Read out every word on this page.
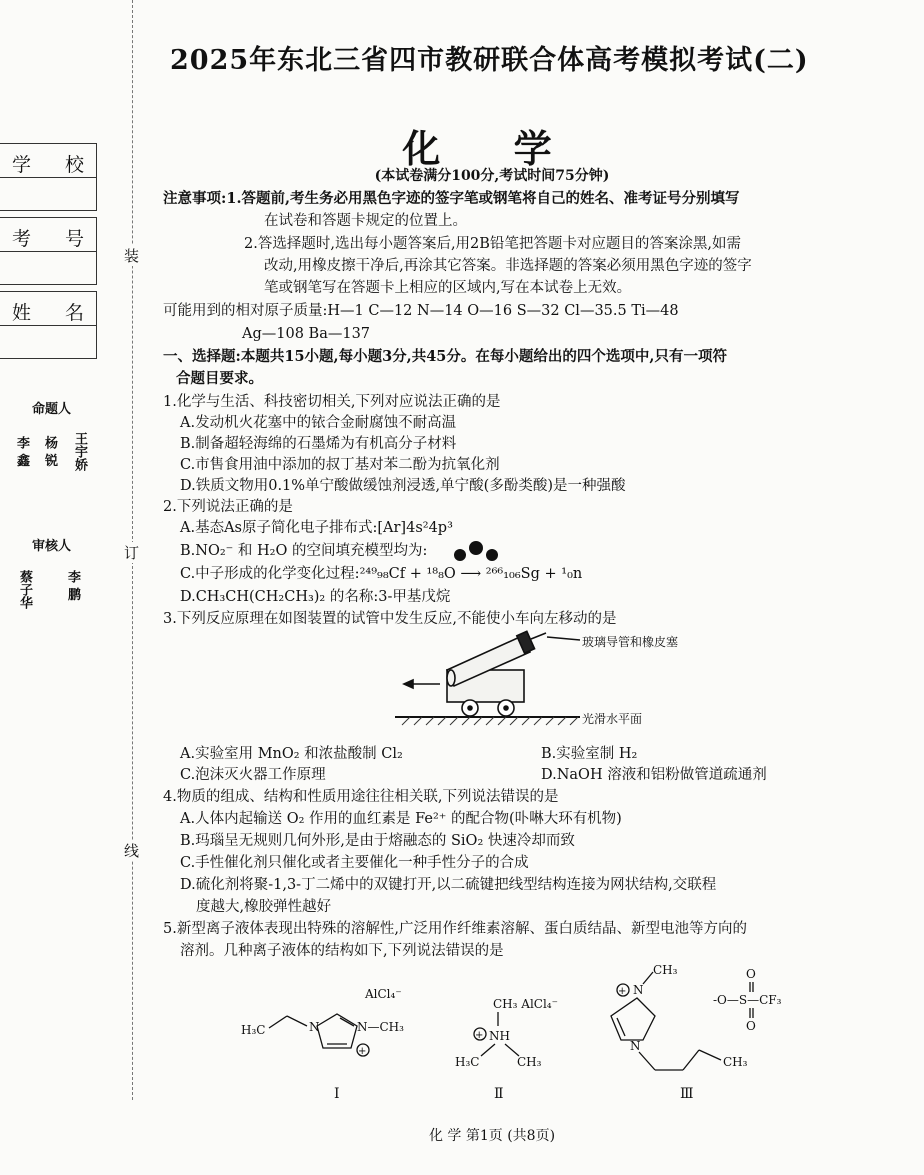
装
订
线
学 校
考 号
姓 名
命题人
李 鑫 杨 锐 王宇娇
审核人
蔡子华	李 鹏
2025年东北三省四市教研联合体高考模拟考试(二)
化 学
(本试卷满分100分,考试时间75分钟)
注意事项:1.答题前,考生务必用黑色字迹的签字笔或钢笔将自己的姓名、准考证号分别填写
在试卷和答题卡规定的位置上。
2.答选择题时,选出每小题答案后,用2B铅笔把答题卡对应题目的答案涂黑,如需
改动,用橡皮擦干净后,再涂其它答案。非选择题的答案必须用黑色字迹的签字
笔或钢笔写在答题卡上相应的区域内,写在本试卷上无效。
可能用到的相对原子质量:H—1 C—12 N—14 O—16 S—32 Cl—35.5 Ti—48
Ag—108 Ba—137
一、选择题:本题共15小题,每小题3分,共45分。在每小题给出的四个选项中,只有一项符
合题目要求。
1.化学与生活、科技密切相关,下列对应说法正确的是
A.发动机火花塞中的铱合金耐腐蚀不耐高温
B.制备超轻海绵的石墨烯为有机高分子材料
C.市售食用油中添加的叔丁基对苯二酚为抗氧化剂
D.铁质文物用0.1%单宁酸做缓蚀剂浸透,单宁酸(多酚类酸)是一种强酸
2.下列说法正确的是
A.基态As原子简化电子排布式:[Ar]4s²4p³
B.NO₂⁻ 和 H₂O 的空间填充模型均为:
C.中子形成的化学变化过程:²⁴⁹₉₈Cf + ¹⁸₈O ⟶ ²⁶⁶₁₀₆Sg + ¹₀n
D.CH₃CH(CH₂CH₃)₂ 的名称:3-甲基戊烷
3.下列反应原理在如图装置的试管中发生反应,不能使小车向左移动的是
玻璃导管和橡皮塞
光滑水平面
A.实验室用 MnO₂ 和浓盐酸制 Cl₂	B.实验室制 H₂
C.泡沫灭火器工作原理	D.NaOH 溶液和铝粉做管道疏通剂
4.物质的组成、结构和性质用途往往相关联,下列说法错误的是
A.人体内起输送 O₂ 作用的血红素是 Fe²⁺ 的配合物(卟啉大环有机物)
B.玛瑙呈无规则几何外形,是由于熔融态的 SiO₂ 快速冷却而致
C.手性催化剂只催化或者主要催化一种手性分子的合成
D.硫化剂将聚-1,3-丁二烯中的双键打开,以二硫键把线型结构连接为网状结构,交联程
度越大,橡胶弹性越好
5.新型离子液体表现出特殊的溶解性,广泛用作纤维素溶解、蛋白质结晶、新型电池等方向的
溶剂。几种离子液体的结构如下,下列说法错误的是
H₃C	N	N—CH₃
+
AlCl₄⁻
CH₃ AlCl₄⁻
+ NH
H₃C	CH₃
+ N
CH₃
N
CH₃
-O—S—CF₃
O
O
Ⅰ	Ⅱ	Ⅲ
化 学 第1页 (共8页)
